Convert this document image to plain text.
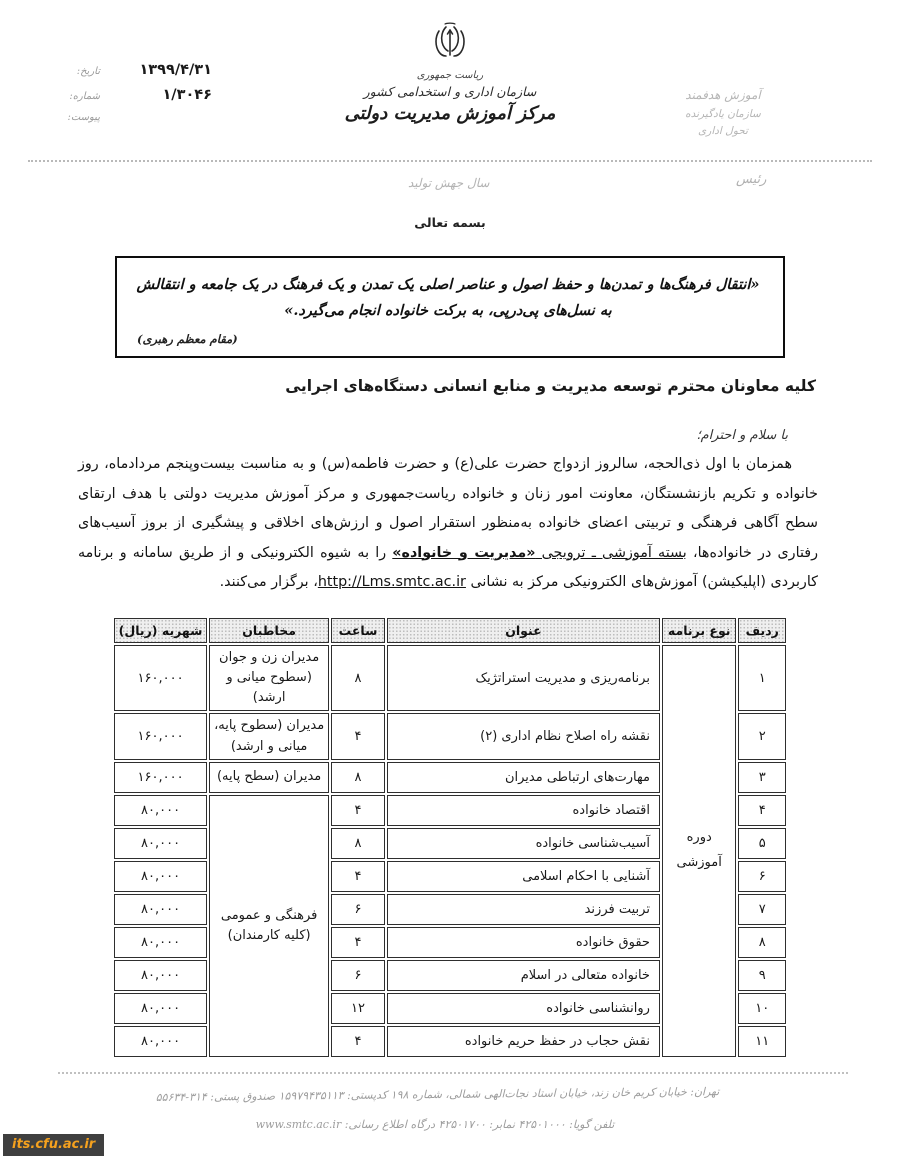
۱۳۹۹/۴/۳۱
تاریخ:
۱/۳۰۴۶
شماره:
پیوست:
ریاست جمهوری
سازمان اداری و استخدامی کشور
مرکز آموزش مدیریت دولتی
آموزش هدفمند
سازمان یادگیرنده
تحول اداری
رئیس
سال جهش تولید
بسمه تعالی
«انتقال فرهنگ‌ها و تمدن‌ها و حفظ اصول و عناصر اصلی یک تمدن و یک فرهنگ در یک جامعه و انتقالش به نسل‌های پی‌درپی، به برکت خانواده انجام می‌گیرد.»
(مقام معظم رهبری)
کلیه معاونان محترم توسعه مدیریت و منابع انسانی دستگاه‌های اجرایی
با سلام و احترام؛
همزمان با اول ذی‌الحجه، سالروز ازدواج حضرت علی(ع) و حضرت فاطمه(س) و به مناسبت بیست‌وپنجم مردادماه، روز خانواده و تکریم بازنشستگان، معاونت امور زنان و خانواده ریاست‌جمهوری و مرکز آموزش مدیریت دولتی با هدف ارتقای سطح آگاهی فرهنگی و تربیتی اعضای خانواده به‌منظور استقرار اصول و ارزش‌های اخلاقی و پیشگیری از بروز آسیب‌های رفتاری در خانواده‌ها، بسته آموزشی ـ ترویجی «مدیریت و خانواده» را به شیوه الکترونیکی و از طریق سامانه و برنامه کاربردی (اپلیکیشن) آموزش‌های الکترونیکی مرکز به نشانی http://Lms.smtc.ac.ir، برگزار می‌کنند.
ردیف	نوع برنامه	عنوان	ساعت	مخاطبان	شهریه (ریال)
۱	دوره آموزشی	برنامه‌ریزی و مدیریت استراتژیک	۸	مدیران زن و جوان (سطوح میانی و ارشد)	۱۶۰,۰۰۰
۲		نقشه راه اصلاح نظام اداری (۲)	۴	مدیران (سطوح پایه، میانی و ارشد)	۱۶۰,۰۰۰
۳		مهارت‌های ارتباطی مدیران	۸	مدیران (سطح پایه)	۱۶۰,۰۰۰
۴		اقتصاد خانواده	۴	فرهنگی و عمومی (کلیه کارمندان)	۸۰,۰۰۰
۵		آسیب‌شناسی خانواده	۸		۸۰,۰۰۰
۶		آشنایی با احکام اسلامی	۴		۸۰,۰۰۰
۷		تربیت فرزند	۶		۸۰,۰۰۰
۸		حقوق خانواده	۴		۸۰,۰۰۰
۹		خانواده متعالی در اسلام	۶		۸۰,۰۰۰
۱۰		روانشناسی خانواده	۱۲		۸۰,۰۰۰
۱۱		نقش حجاب در حفظ حریم خانواده	۴		۸۰,۰۰۰
تهران: خیابان کریم خان زند، خیابان استاد نجات‌الهی شمالی، شماره ۱۹۸ کدپستی: ۱۵۹۷۹۴۳۵۱۱۳ صندوق پستی: ۳۱۴-۵۵۶۳۴
تلفن گویا: ۴۲۵۰۱۰۰۰ نمابر: ۴۲۵۰۱۷۰۰ درگاه اطلاع رسانی: www.smtc.ac.ir
its.cfu.ac.ir
